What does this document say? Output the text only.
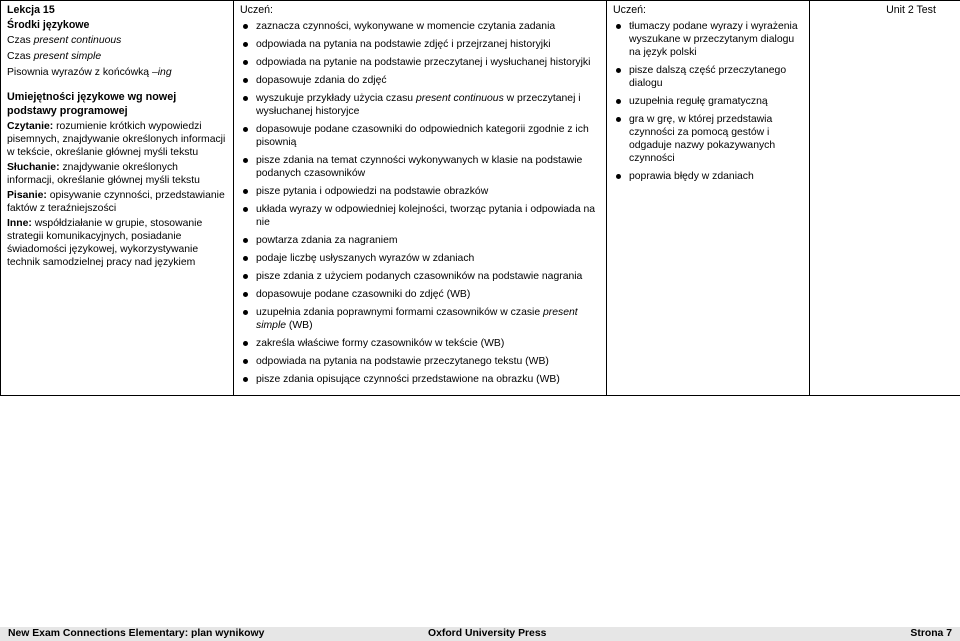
Lekcja 15
Środki językowe
Czas present continuous
Czas present simple
Pisownia wyrazów z końcówką –ing
Umiejętności językowe wg nowej podstawy programowej
Czytanie: rozumienie krótkich wypowiedzi pisemnych, znajdywanie określonych informacji w tekście, określanie głównej myśli tekstu
Słuchanie: znajdywanie określonych informacji, określanie głównej myśli tekstu
Pisanie: opisywanie czynności, przedstawianie faktów z teraźniejszości
Inne: współdziałanie w grupie, stosowanie strategii komunikacyjnych, posiadanie świadomości językowej, wykorzystywanie technik samodzielnej pracy nad językiem

Uczeń:
zaznacza czynności, wykonywane w momencie czytania zadania
odpowiada na pytania na podstawie zdjęć i przejrzanej historyjki
odpowiada na pytanie na podstawie przeczytanej i wysłuchanej historyjki
dopasowuje zdania do zdjęć
wyszukuje przykłady użycia czasu present continuous w przeczytanej i wysłuchanej historyjce
dopasowuje podane czasowniki do odpowiednich kategorii zgodnie z ich pisownią
pisze zdania na temat czynności wykonywanych w klasie na podstawie podanych czasowników
pisze pytania i odpowiedzi na podstawie obrazków
układa wyrazy w odpowiedniej kolejności, tworząc pytania i odpowiada na nie
powtarza zdania za nagraniem
podaje liczbę usłyszanych wyrazów w zdaniach
pisze zdania z użyciem podanych czasowników na podstawie nagrania
dopasowuje podane czasowniki do zdjęć (WB)
uzupełnia zdania poprawnymi formami czasowników w czasie present simple (WB)
zakreśla właściwe formy czasowników w tekście (WB)
odpowiada na pytania na podstawie przeczytanego tekstu (WB)
pisze zdania opisujące czynności przedstawione na obrazku (WB)

Uczeń:
tłumaczy podane wyrazy i wyrażenia wyszukane w przeczytanym dialogu na język polski
pisze dalszą część przeczytanego dialogu
uzupełnia regułę gramatyczną
gra w grę, w której przedstawia czynności za pomocą gestów i odgaduje nazwy pokazywanych czynności
poprawia błędy w zdaniach

Unit 2 Test
New Exam Connections Elementary: plan wynikowy	Oxford University Press	Strona 7
